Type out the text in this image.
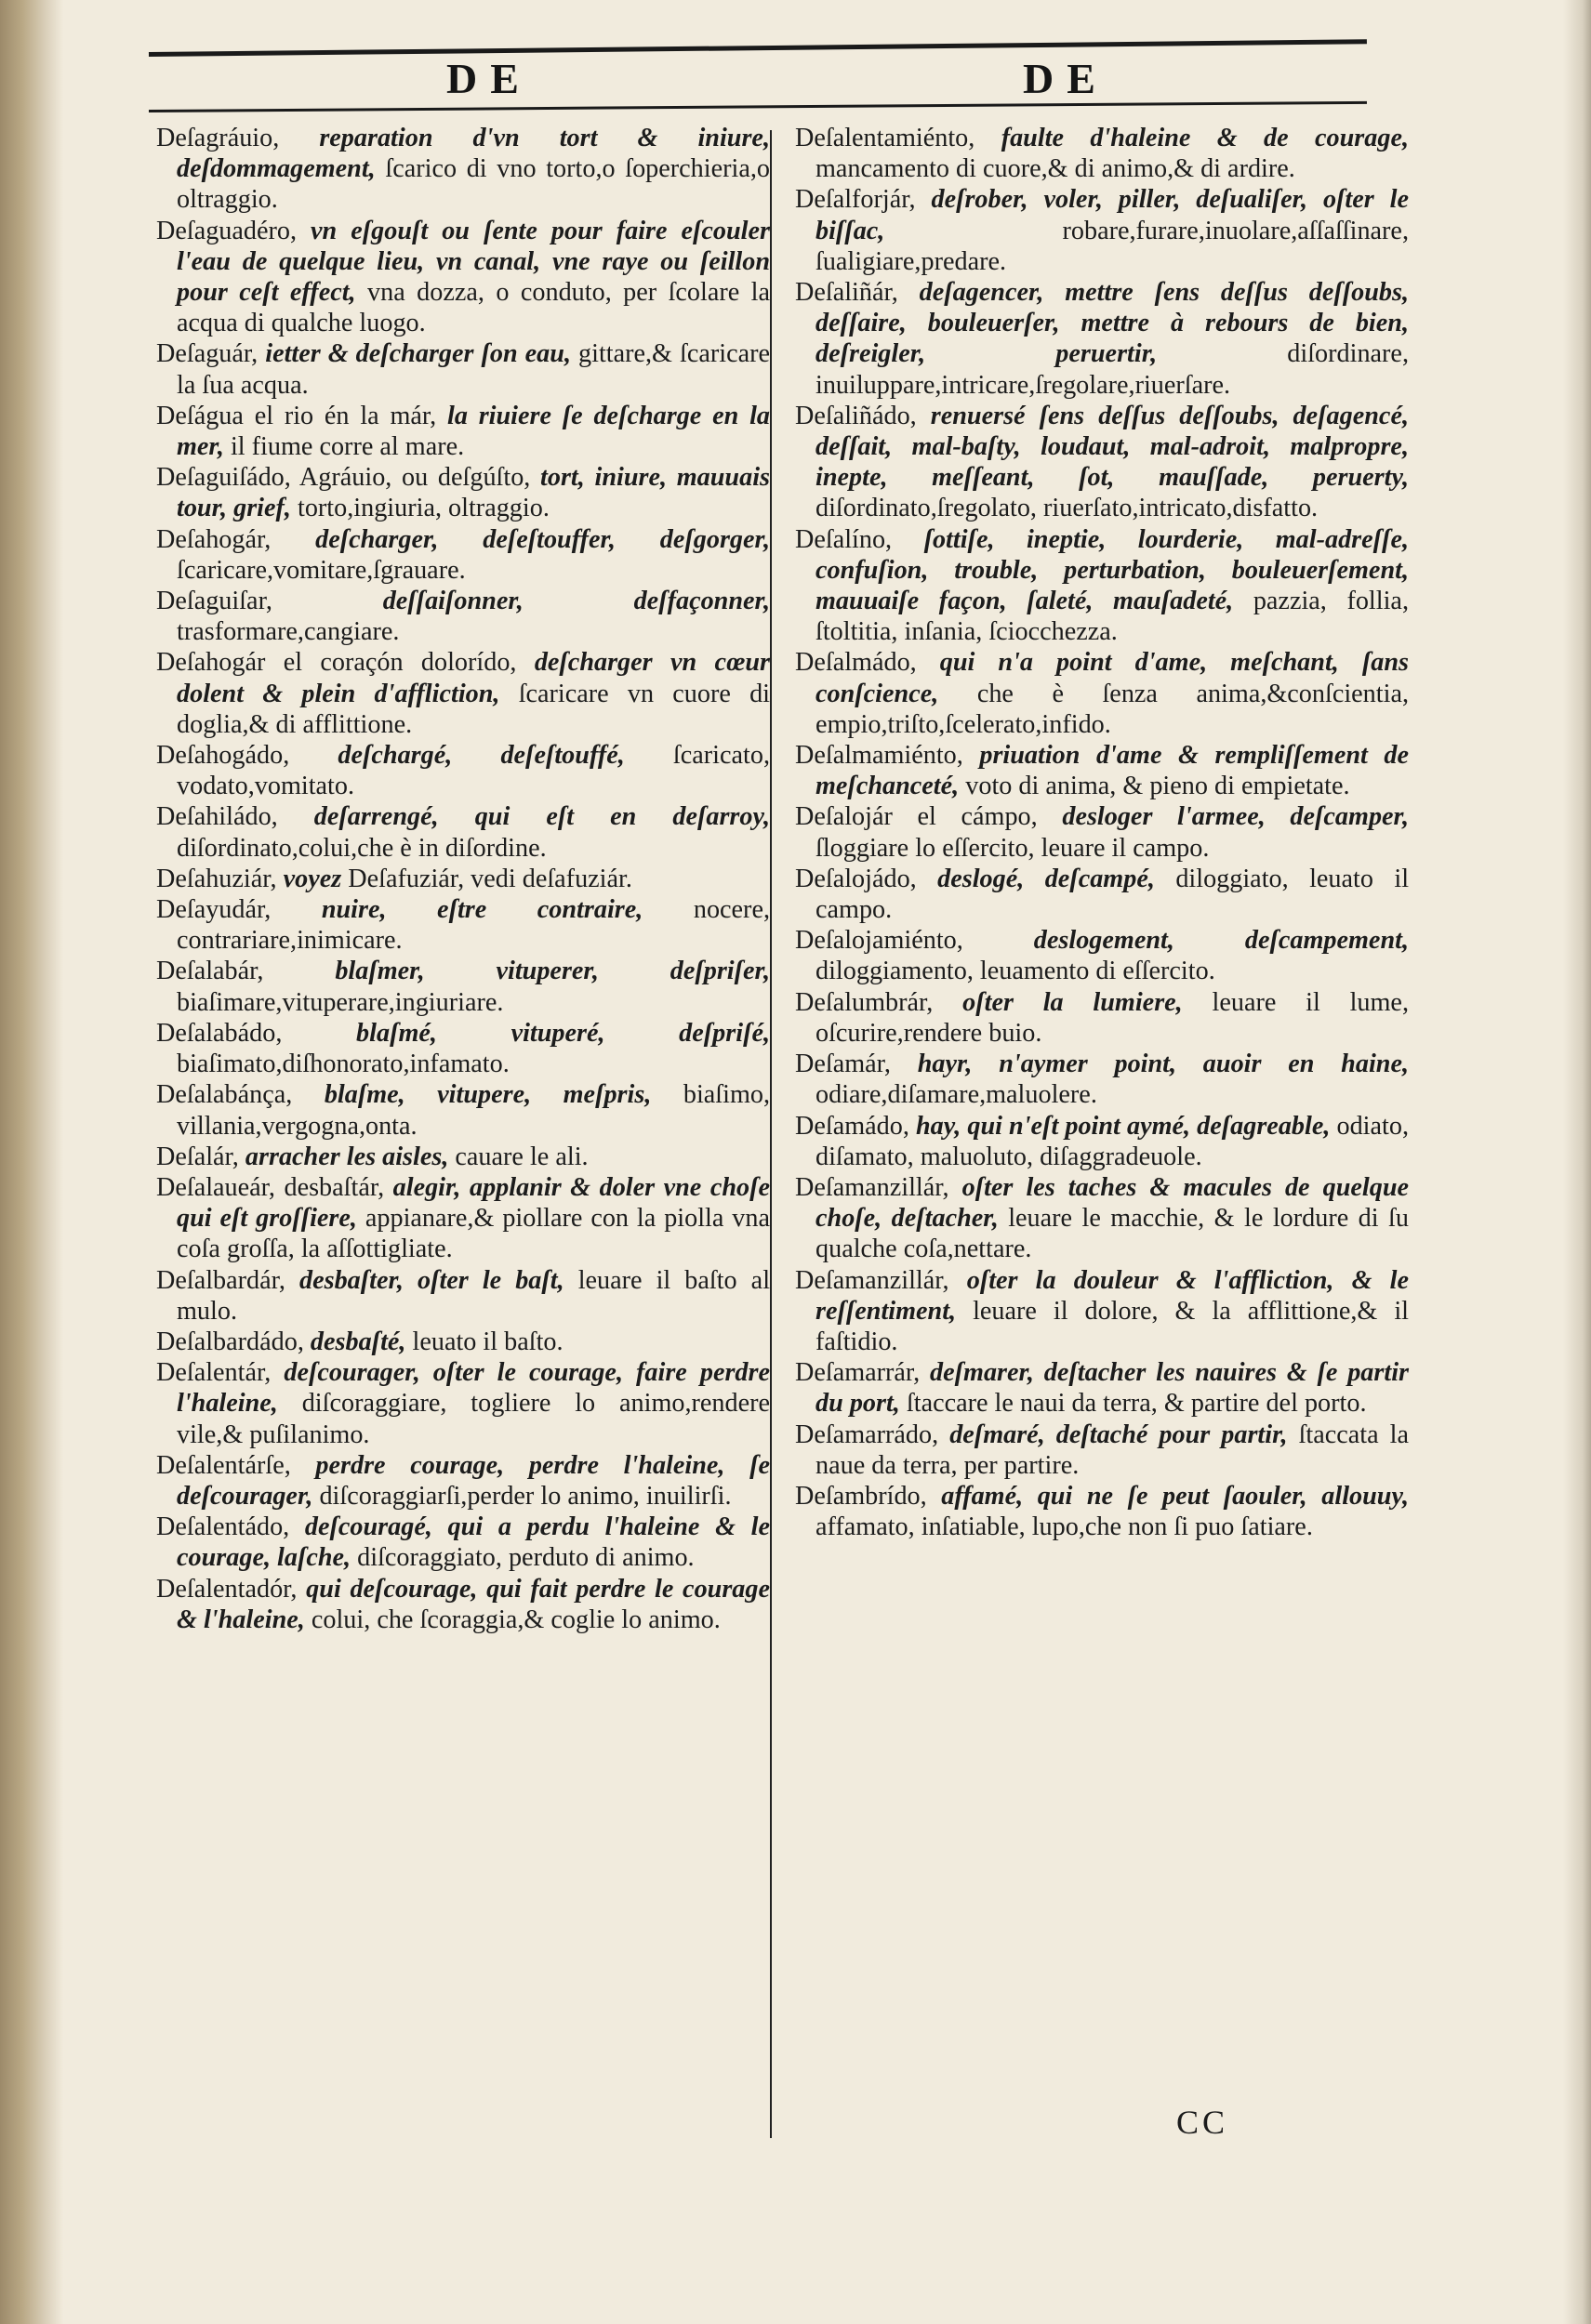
DE	DE

Deſagráuio, reparation d'vn tort & iniure, deſdommagement, ſcarico di vno torto,o ſoperchieria,o oltraggio.

Deſaguadéro, vn eſgouſt ou ſente pour faire eſcouler l'eau de quelque lieu, vn canal, vne raye ou ſeillon pour ceſt effect, vna dozza, o conduto, per ſcolare la acqua di qualche luogo.

Deſaguár, ietter & deſcharger ſon eau, gittare,& ſcaricare la ſua acqua.

Deſágua el rio én la már, la riuiere ſe deſcharge en la mer, il fiume corre al mare.

Deſaguiſádo, Agráuio, ou deſgúſto, tort, iniure, mauuais tour, grief, torto,ingiuria, oltraggio.

Deſahogár, deſcharger, deſeſtouffer, deſgorger, ſcaricare,vomitare,ſgrauare.

Deſaguiſar,	deſſaiſonner, deſfaçonner, trasformare,cangiare.

Deſahogár el coraçón dolorído, deſcharger vn cœur dolent & plein d'affliction, ſcaricare vn cuore di doglia,& di afflittione.

Deſahogádo, deſchargé, deſeſtouffé, ſcaricato, vodato,vomitato.

Deſahiládo, deſarrengé, qui eſt en deſarroy, diſordinato,colui,che è in diſordine.

Deſahuziár, voyez Deſafuziár, vedi deſafuziár.

Deſayudár, nuire, eſtre contraire, nocere, contrariare,inimicare.

Deſalabár,	blaſmer, vituperer, deſpriſer, biaſimare,vituperare,ingiuriare.

Deſalabádo,	blaſmé, vituperé, deſpriſé, biaſimato,diſhonorato,infamato.

Deſalabánça, blaſme, vitupere, meſpris, biaſimo, villania,vergogna,onta.

Deſalár, arracher les aisles, cauare le ali.

Deſalaueár, desbaſtár, alegir, applanir & doler vne choſe qui eſt groſſiere, appianare,& piollare con la piolla vna coſa groſſa, la aſſottigliate.

Deſalbardár, desbaſter, oſter le baſt, leuare il baſto al mulo.

Deſalbardádo, desbaſté, leuato il baſto.

Deſalentár, deſcourager, oſter le courage, faire perdre l'haleine, diſcoraggiare, togliere lo animo,rendere vile,& puſilanimo.

Deſalentárſe, perdre courage, perdre l'haleine, ſe deſcourager, diſcoraggiarſi,perder lo animo, inuilirſi.

Deſalentádo, deſcouragé, qui a perdu l'haleine & le courage, laſche, diſcoraggiato, perduto di animo.

Deſalentadór, qui deſcourage, qui fait perdre le courage & l'haleine, colui, che ſcoraggia,& coglie lo animo.

Deſalentamiénto, faulte d'haleine & de courage, mancamento di cuore,& di animo,& di ardire.

Deſalforjár, deſrober, voler, piller, deſualiſer, oſter le biſſac,	robare,furare,inuolare,aſſaſſinare, ſualigiare,predare.

Deſaliñár, deſagencer, mettre ſens deſſus deſſoubs, deſſaire, bouleuerſer, mettre à rebours de bien, deſreigler, peruertir,	diſordinare, inuiluppare,intricare,ſregolare,riuerſare.

Deſaliñádo, renuersé ſens deſſus deſſoubs, deſagencé, deſſait, mal-baſty, loudaut, mal-adroit, malpropre, inepte, meſſeant, ſot, mauſſade, peruerty, diſordinato,ſregolato, riuerſato,intricato,disfatto.

Deſalíno, ſottiſe, ineptie, lourderie, mal-adreſſe, confuſion, trouble, perturbation, bouleuerſement, mauuaiſe façon, ſaleté, mauſadeté, pazzia, follia, ſtoltitia, inſania, ſciocchezza.

Deſalmádo, qui n'a point d'ame, meſchant, ſans conſcience, che è ſenza anima,&conſcientia, empio,triſto,ſcelerato,infido.

Deſalmamiénto, priuation d'ame & rempliſſement de meſchanceté, voto di anima, & pieno di empietate.

Deſalojár el cámpo, desloger l'armee, deſcamper, ſloggiare lo eſſercito, leuare il campo.

Deſalojádo, deslogé, deſcampé, diloggiato, leuato il campo.

Deſalojamiénto,	deslogement, deſcampement, diloggiamento, leuamento di eſſercito.

Deſalumbrár, oſter la lumiere, leuare il lume, oſcurire,rendere buio.

Deſamár, hayr, n'aymer point, auoir en haine, odiare,diſamare,maluolere.

Deſamádo, hay, qui n'eſt point aymé, deſagreable, odiato, diſamato, maluoluto, diſaggradeuole.

Deſamanzillár, oſter les taches & macules de quelque choſe, deſtacher, leuare le macchie, & le lordure di ſu qualche coſa,nettare.

Deſamanzillár, oſter la douleur & l'affliction, & le reſſentiment, leuare il dolore, & la afflittione,& il faſtidio.

Deſamarrár, deſmarer, deſtacher les nauires & ſe partir du port, ſtaccare le naui da terra, & partire del porto.

Deſamarrádo, deſmaré, deſtaché pour partir, ſtaccata la naue da terra, per partire.

Deſambrído, affamé, qui ne ſe peut ſaouler, allouuy, affamato, inſatiable, lupo,che non ſi puo ſatiare.

CC
